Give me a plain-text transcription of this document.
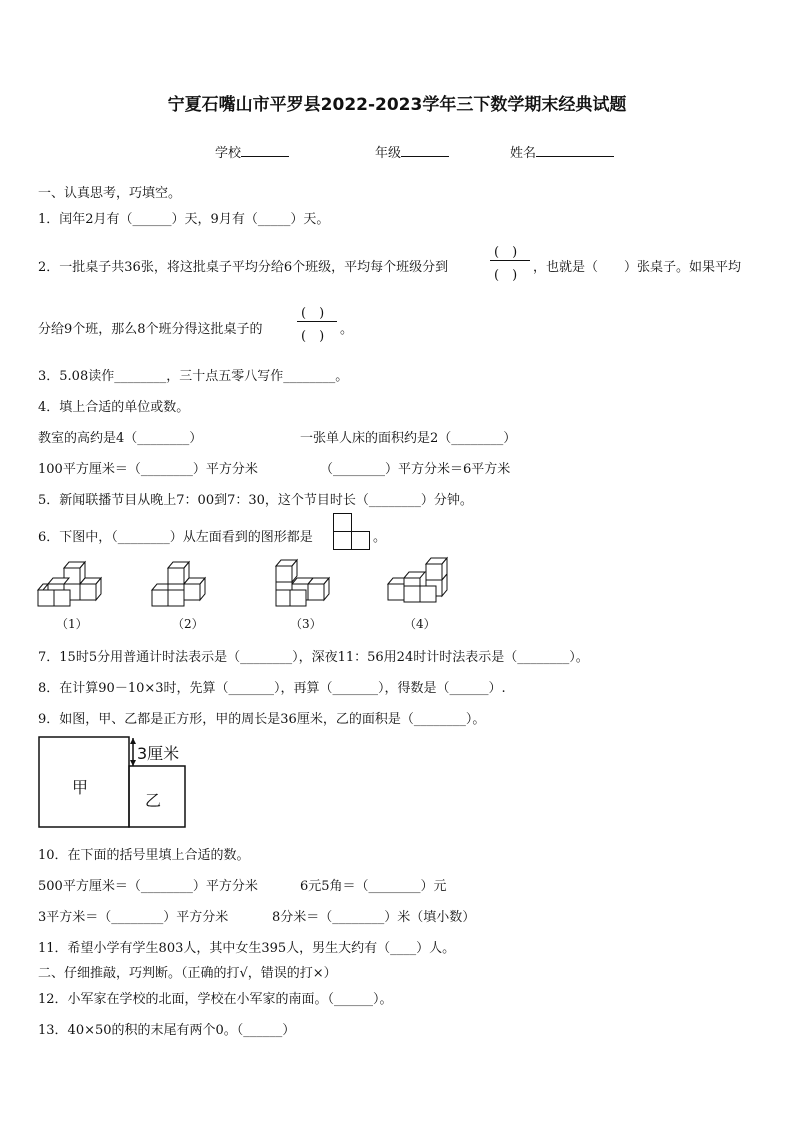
宁夏石嘴山市平罗县2022-2023学年三下数学期末经典试题
学校	年级	姓名
一、认真思考，巧填空。
1．闰年2月有（______）天，9月有（_____）天。
2．一批桌子共36张，将这批桌子平均分给6个班级，平均每个班级分到
(　)
(　)
，也就是（　　）张桌子。如果平均
分给9个班，那么8个班分得这批桌子的
(　)
(　) 。
3．5.08读作________，三十点五零八写作________。
4．填上合适的单位或数。
教室的高约是4（________）	一张单人床的面积约是2（________）
100平方厘米＝（________）平方分米	（________）平方分米＝6平方米
5．新闻联播节目从晚上7：00到7：30，这个节目时长（________）分钟。
6．下图中，（________）从左面看到的图形都是	。
（1）	（2）	（3）	（4）
7．15时5分用普通计时法表示是（________），深夜11：56用24时计时法表示是（________）。
8．在计算90－10×3时，先算（_______），再算（_______），得数是（______）.
9．如图，甲、乙都是正方形，甲的周长是36厘米，乙的面积是（________）。
甲
乙
3厘米
10．在下面的括号里填上合适的数。
500平方厘米＝（________）平方分米	6元5角＝（________）元
3平方米＝（________）平方分米	8分米＝（________）米（填小数）
11．希望小学有学生803人，其中女生395人，男生大约有（____）人。
二、仔细推敲，巧判断。（正确的打√，错误的打×）
12．小军家在学校的北面，学校在小军家的南面。（______）。
13．40×50的积的末尾有两个0。（______）
